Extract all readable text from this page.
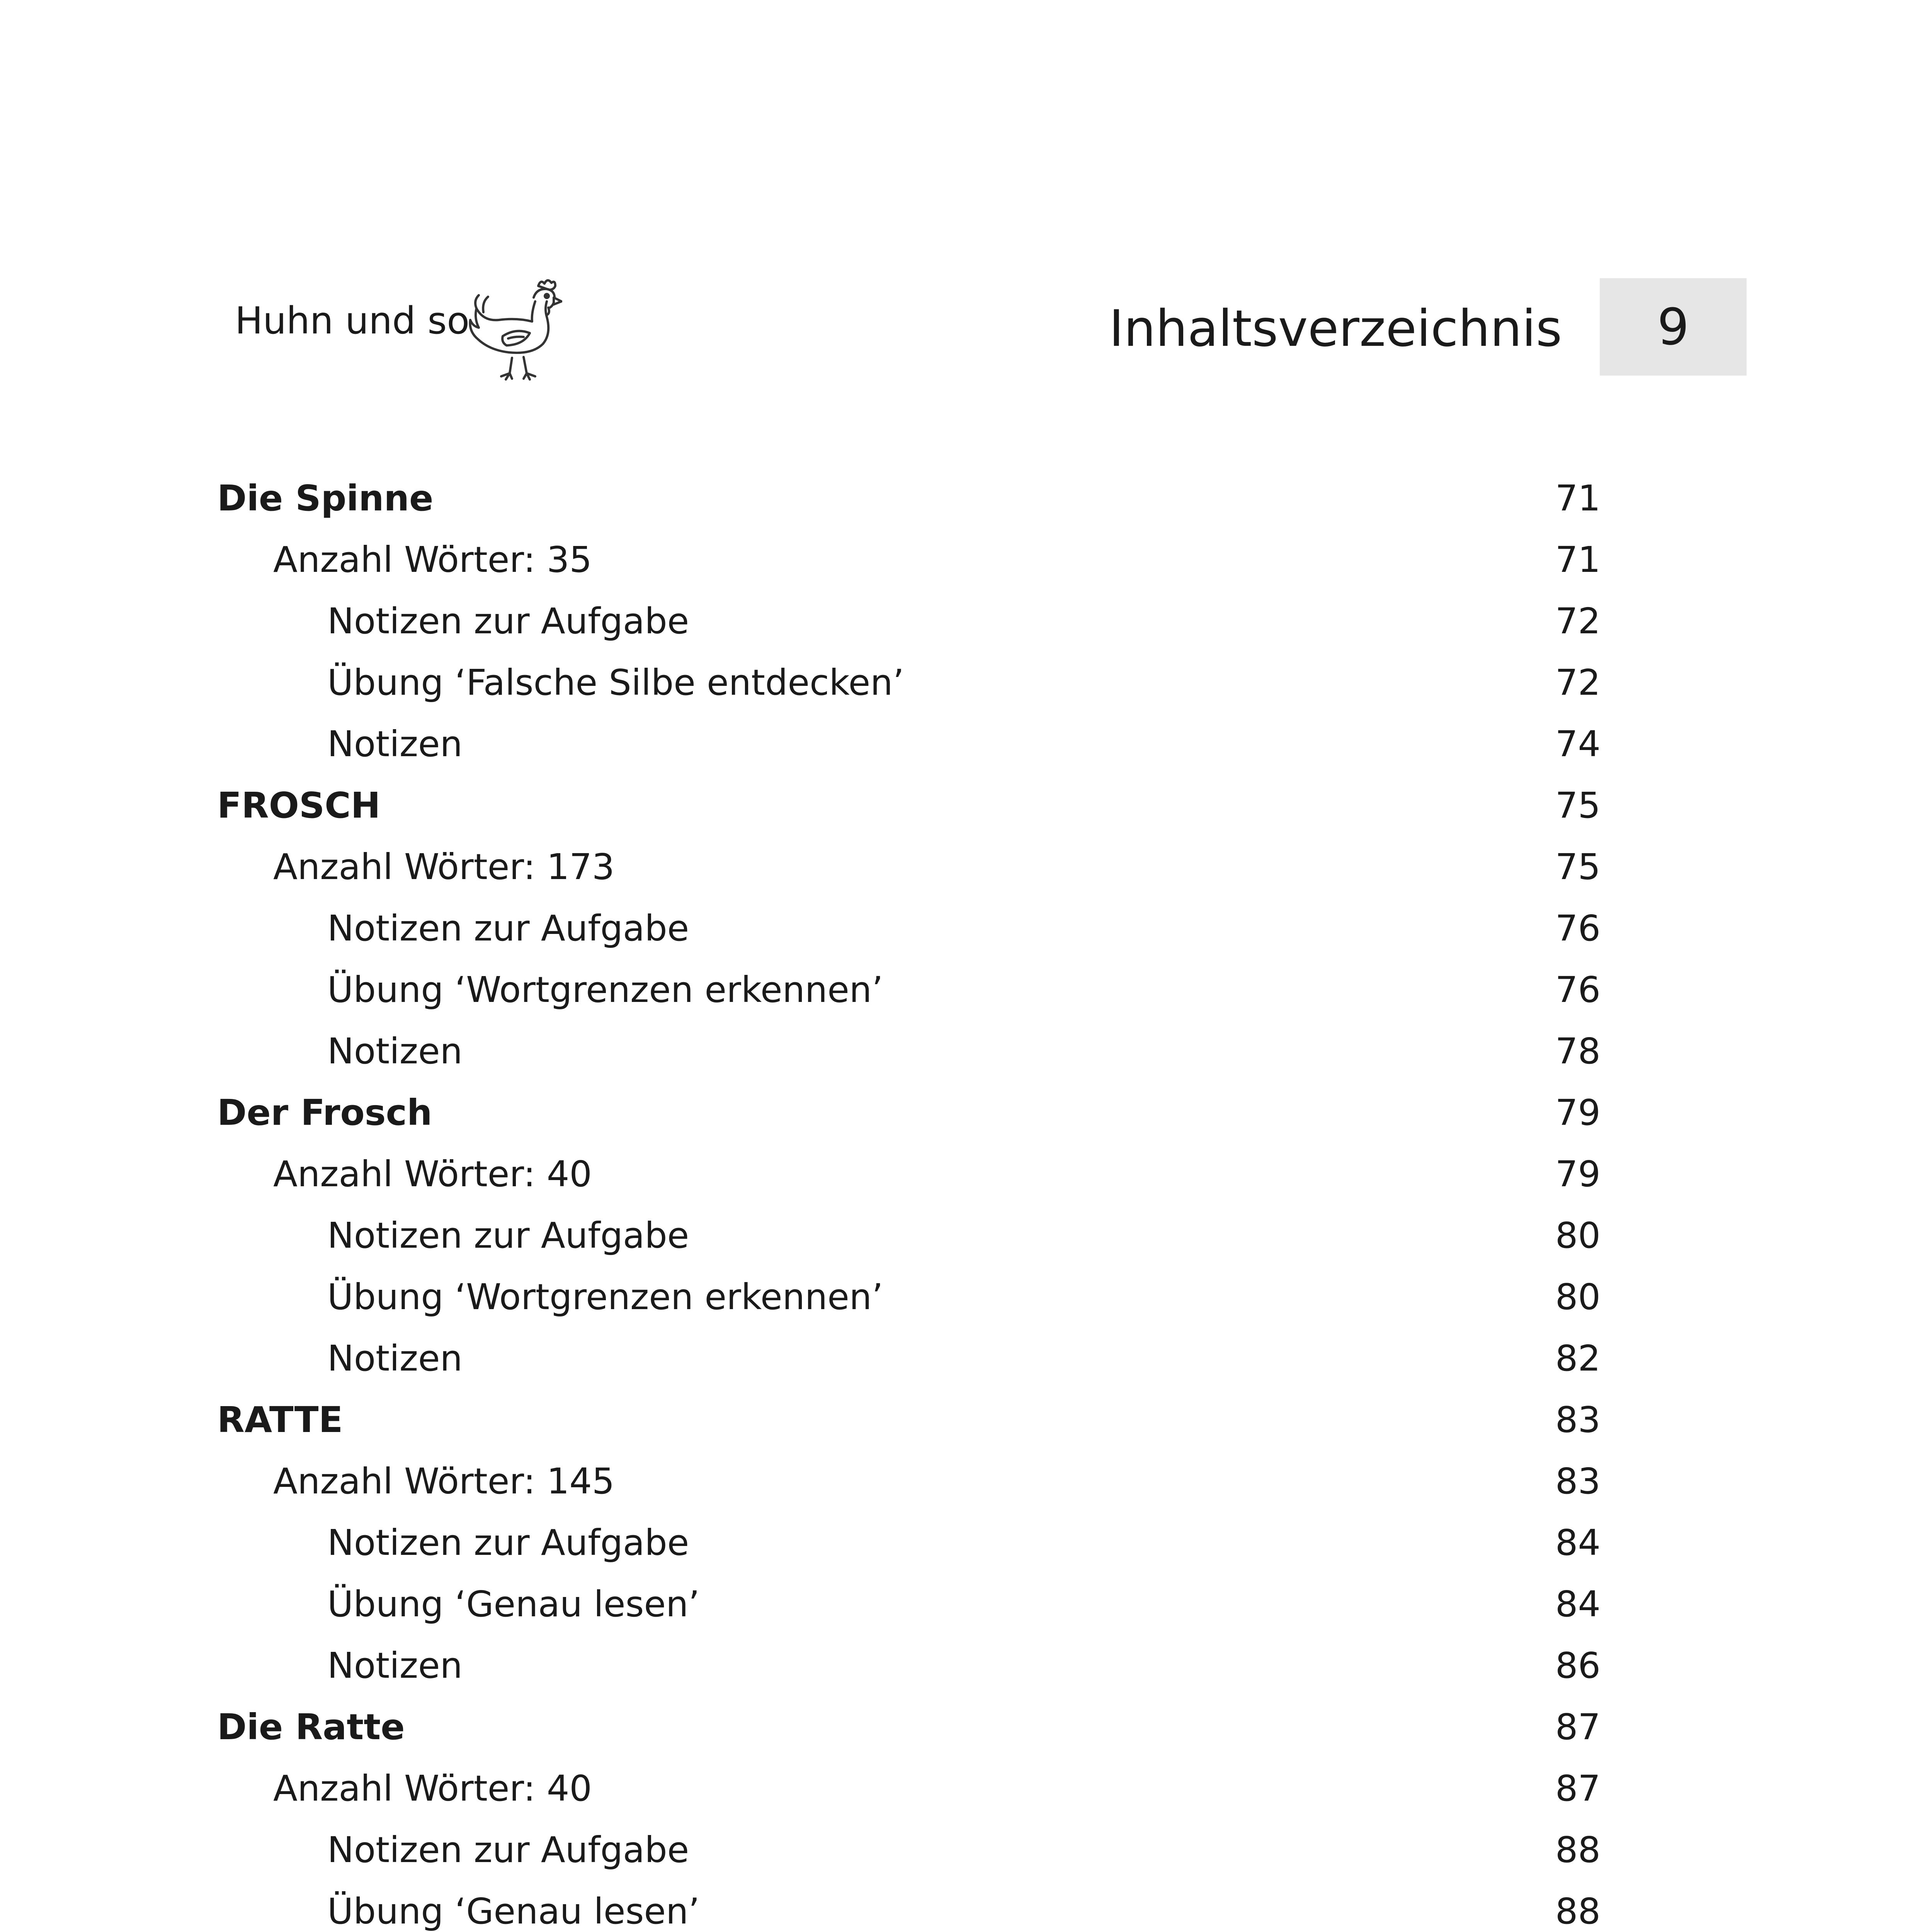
Huhn und so	Inhaltsverzeichnis	9
Die Spinne	71
Anzahl Wörter: 35	71
Notizen zur Aufgabe	72
Übung ‘Falsche Silbe entdecken’	72
Notizen	74
FROSCH	75
Anzahl Wörter: 173	75
Notizen zur Aufgabe	76
Übung ‘Wortgrenzen erkennen’	76
Notizen	78
Der Frosch	79
Anzahl Wörter: 40	79
Notizen zur Aufgabe	80
Übung ‘Wortgrenzen erkennen’	80
Notizen	82
RATTE	83
Anzahl Wörter: 145	83
Notizen zur Aufgabe	84
Übung ‘Genau lesen’	84
Notizen	86
Die Ratte	87
Anzahl Wörter: 40	87
Notizen zur Aufgabe	88
Übung ‘Genau lesen’	88
